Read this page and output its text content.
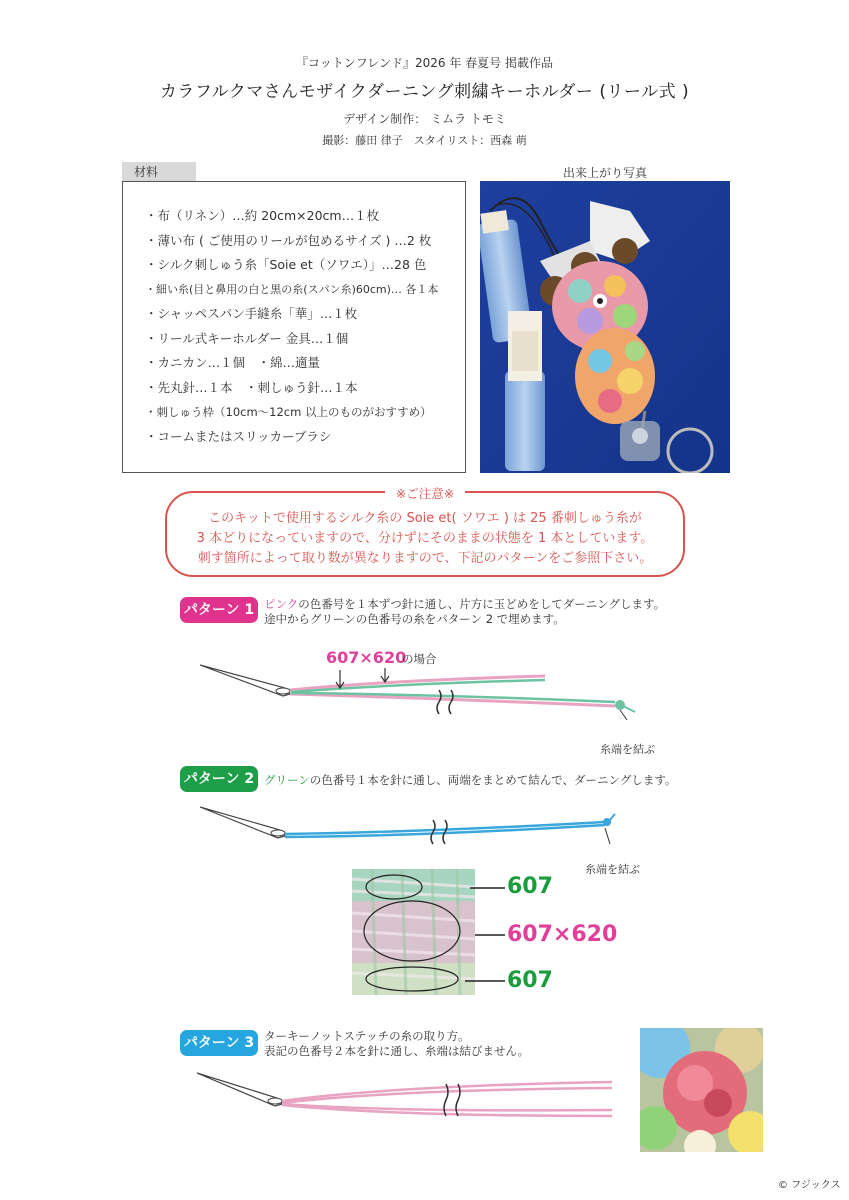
『コットンフレンド』2026 年 春夏号 掲載作品
カラフルクマさんモザイクダーニング刺繍キーホルダー (リール式 )
デザイン制作： ミムラ トモミ
撮影：藤田 律子　スタイリスト：西森 萌
材料
・布（リネン）…約 20cm×20cm…１枚
・薄い布 ( ご使用のリールが包めるサイズ ) …2 枚
・シルク刺しゅう糸「Soie et（ソワエ）」…28 色
・細い糸(目と鼻用の白と黒の糸(スパン糸)60cm)… 各１本
・シャッペスパン手縫糸「華」…１枚
・リール式キーホルダー 金具…１個
・カニカン…１個　・綿…適量
・先丸針…１本　・刺しゅう針…１本
・刺しゅう枠（10cm〜12cm 以上のものがおすすめ）
・コームまたはスリッカーブラシ
出来上がり写真
※ご注意※
このキットで使用するシルク糸の Soie et( ソワエ ) は 25 番刺しゅう糸が
3 本どりになっていますので、分けずにそのままの状態を 1 本としています。
刺す箇所によって取り数が異なりますので、下記のパターンをご参照下さい。
パターン 1 ピンクの色番号を１本ずつ針に通し、片方に玉どめをしてダーニングします。
途中からグリーンの色番号の糸をパターン 2 で埋めます。
607×620
の場合
糸端を結ぶ
パターン 2 グリーンの色番号１本を針に通し、両端をまとめて結んで、ダーニングします。
糸端を結ぶ
607
607×620
607
パターン 3 ターキーノットステッチの糸の取り方。
表記の色番号２本を針に通し、糸端は結びません。
© フジックス
